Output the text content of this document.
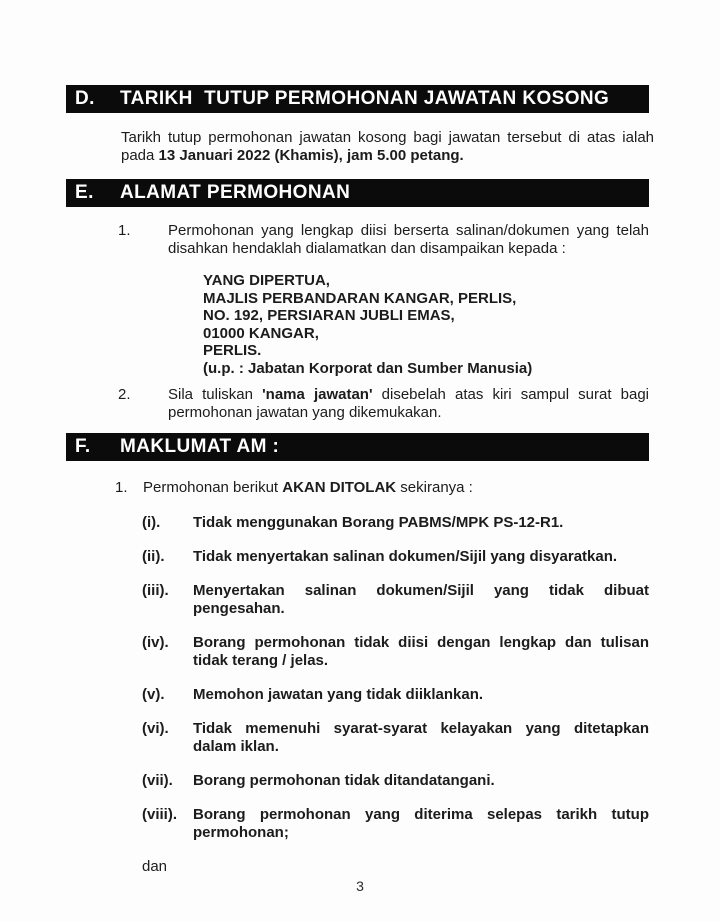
D.	TARIKH  TUTUP PERMOHONAN JAWATAN KOSONG
Tarikh tutup permohonan jawatan kosong bagi jawatan tersebut di atas ialah pada 13 Januari 2022 (Khamis), jam 5.00 petang.
E.	ALAMAT PERMOHONAN
1.	Permohonan yang lengkap diisi berserta salinan/dokumen yang telah disahkan hendaklah dialamatkan dan disampaikan kepada :
YANG DIPERTUA,
MAJLIS PERBANDARAN KANGAR, PERLIS,
NO. 192, PERSIARAN JUBLI EMAS,
01000 KANGAR,
PERLIS.
(u.p. : Jabatan Korporat dan Sumber Manusia)
2.	Sila tuliskan 'nama jawatan' disebelah atas kiri sampul surat bagi permohonan jawatan yang dikemukakan.
F.	MAKLUMAT AM :
1.	Permohonan berikut AKAN DITOLAK sekiranya :
(i).	Tidak menggunakan Borang PABMS/MPK PS-12-R1.
(ii).	Tidak menyertakan salinan dokumen/Sijil yang disyaratkan.
(iii).	Menyertakan salinan dokumen/Sijil yang tidak dibuat pengesahan.
(iv).	Borang permohonan tidak diisi dengan lengkap dan tulisan tidak terang / jelas.
(v).	Memohon jawatan yang tidak diiklankan.
(vi).	Tidak memenuhi syarat-syarat kelayakan yang ditetapkan dalam iklan.
(vii).	Borang permohonan tidak ditandatangani.
(viii).	Borang permohonan yang diterima selepas tarikh tutup permohonan;
dan
3
